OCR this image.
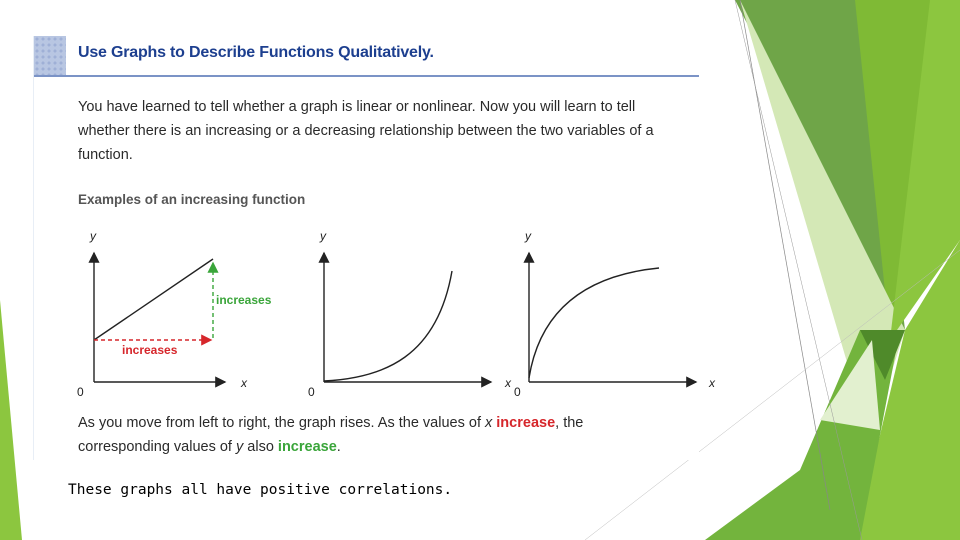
Use Graphs to Describe Functions Qualitatively.

You have learned to tell whether a graph is linear or nonlinear. Now you will learn to tell whether there is an increasing or a decreasing relationship between the two variables of a function.

Examples of an increasing function
y
x
0
increases
increases
y
x
0
y
x
0

As you move from left to right, the graph rises. As the values of x increase, the corresponding values of y also increase.

These graphs all have positive correlations.
